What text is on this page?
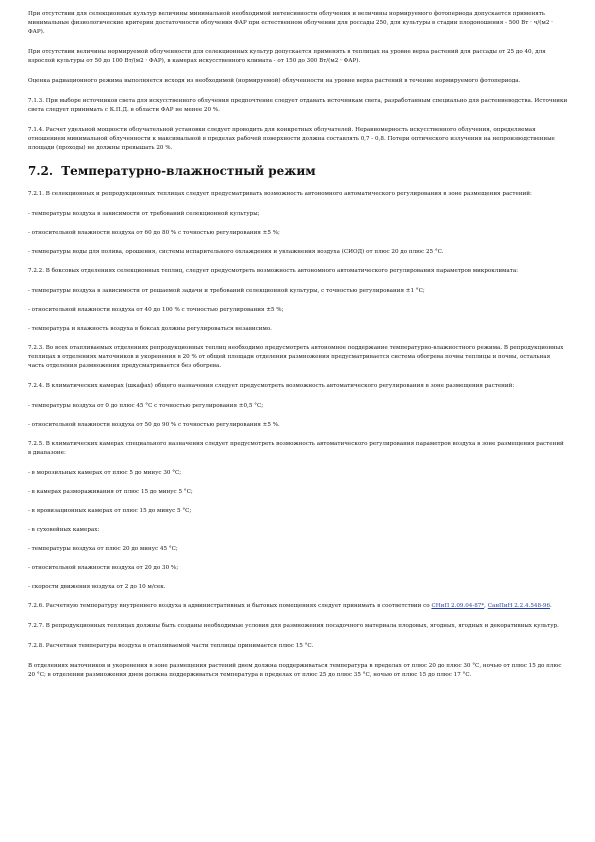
При отсутствии для селекционных культур величины минимальной необходимой интенсивности облучения и величины нормируемого фотопериода допускается применять минимальные физиологические критерии достаточности облучения ФАР при естественном облучении для россады 250, для культуры в стадии плодоношения - 500 Вт · ч/(м2 · ФАР).

При отсутствии величины нормируемой облученности для селекционных культур допускается применять в теплицах на уровне верха растений для рассады от 25 до 40, для взрослой культуры от 50 до 100 Вт/(м2 · ФАР), в камерах искусственного климата - от 150 до 300 Вт/(м2 · ФАР).

Оценка радиационного режима выполняется исходя из необходимой (нормируемой) облученности на уровне верха растений в течение нормируемого фотопериода.

7.1.3. При выборе источников света для искусственного облучения предпочтение следует отдавать источникам света, разработанным специально для растениеводства. Источники света следует принимать с К.П.Д. в области ФАР не менее 20 %.

7.1.4. Расчет удельной мощности облучательной установки следует проводить для конкретных облучателей. Неравномерность искусственного облучения, определяемая отношением минимальной облученности к максимальной в пределах рабочей поверхности должна составлять 0,7 - 0,8. Потери оптического излучения на непроизводственные площади (проходы) не должны превышать 20 %.

7.2. Температурно-влажностный режим

7.2.1. В селекционных и репродукционных теплицах следует предусматривать возможность автономного автоматического регулирования в зоне размещения растений:

- температуры воздуха в зависимости от требований селекционной культуры;

- относительной влажности воздуха от 60 до 80 % с точностью регулирования ±5 %;

- температуры воды для полива, орошения, системы испарительного охлаждения и увлажнения воздуха (СИОД) от плюс 20 до плюс 25 °С.

7.2.2. В боксовых отделениях селекционных теплиц, следует предусмотреть возможность автономного автоматического регулирования параметров микроклимата:

- температуры воздуха в зависимости от решаемой задачи и требований селекционной культуры, с точностью регулирования ±1 °С;

- относительной влажности воздуха от 40 до 100 % с точностью регулирования ±5 %;

- температура и влажность воздуха в боксах должны регулироваться независимо.

7.2.3. Во всех отапливаемых отделениях репродукционных теплиц необходимо предусмотреть автономное поддержание температурно-влажностного режима. В репродукционных теплицах в отделениях маточников и укоренения в 20 % от общей площади отделения размножения предусматривается система обогрева почвы теплицы и почвы, остальная часть отделения размножения предусматривается без обогрева.

7.2.4. В климатических камерах (шкафах) общего назначения следует предусмотреть возможность автоматического регулирования в зоне размещения растений:

- температуры воздуха от 0 до плюс 45 °С с точностью регулирования ±0,5 °С;

- относительной влажности воздуха от 50 до 90 % с точностью регулирования ±5 %.

7.2.5. В климатических камерах специального назначения следует предусмотреть возможность автоматического регулирования параметров воздуха в зоне размещения растений в диапазоне:

- в морозильных камерах от плюс 5 до минус 30 °С;

- в камерах размораживания от плюс 15 до минус 5 °С;

- в яровизационных камерах от плюс 15 до минус 5 °С;

- в суховейных камерах:

- температуры воздуха от плюс 20 до минус 45 °С;

- относительной влажности воздуха от 20 до 30 %;

- скорости движения воздуха от 2 до 10 м/сек.

7.2.6. Расчетную температуру внутреннего воздуха в административных и бытовых помещениях следует принимать в соответствии со СНиП 2.09.04-87*, СанПиН 2.2.4.548-96.

7.2.7. В репродукционных теплицах должны быть созданы необходимые условия для размножения посадочного материала плодовых, ягодных, ягодных и декоративных культур.

7.2.8. Расчетная температура воздуха в отапливаемой части теплицы принимается плюс 15 °С.

В отделениях маточников и укоренения в зоне размещения растений днем должна поддерживаться температура в пределах от плюс 20 до плюс 30 °С, ночью от плюс 15 до плюс 20 °С; в отделении размножения днем должна поддерживаться температура в пределах от плюс 25 до плюс 35 °С, ночью от плюс 15 до плюс 17 °С.
